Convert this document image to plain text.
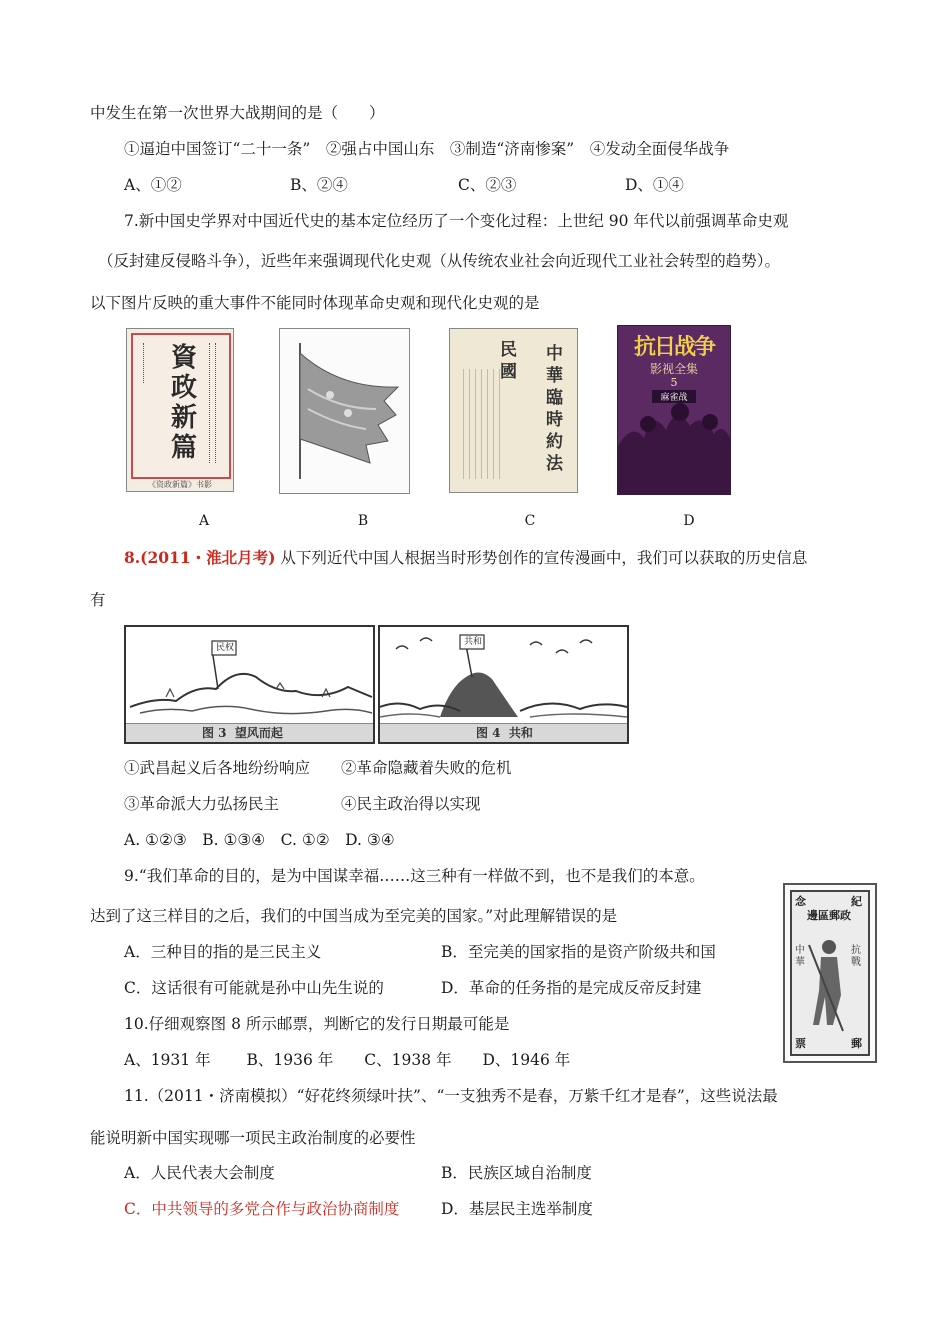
中发生在第一次世界大战期间的是（　　）
①逼迫中国签订“二十一条”　②强占中国山东　③制造“济南惨案”　④发动全面侵华战争
A、①②	B、②④	C、②③	D、①④
7.新中国史学界对中国近代史的基本定位经历了一个变化过程：上世纪 90 年代以前强调革命史观
（反封建反侵略斗争），近些年来强调现代化史观（从传统农业社会向近现代工业社会转型的趋势）。
以下图片反映的重大事件不能同时体现革命史观和现代化史观的是
資政新篇
《资政新篇》书影
民國
中華臨時約法
抗日战争
影视全集
5
麻雀战
A	B	C	D
8.(2011・淮北月考) 从下列近代中国人根据当时形势创作的宣传漫画中，我们可以获取的历史信息
有
民权
图 3  望风而起
共和
图 4  共和
①武昌起义后各地纷纷响应　　②革命隐藏着失败的危机
③革命派大力弘扬民主　　　　④民主政治得以实现
A. ①②③　B. ①③④　C. ①②　D. ③④
9.“我们革命的目的，是为中国谋幸福……这三种有一样做不到，也不是我们的本意。
达到了这三样目的之后，我们的中国当成为至完美的国家。”对此理解错误的是
A．三种目的指的是三民主义	B．至完美的国家指的是资产阶级共和国
C．这话很有可能就是孙中山先生说的	D．革命的任务指的是完成反帝反封建
念	紀
邊區郵政
抗戰
中華
票	郵
10.仔细观察图 8 所示邮票，判断它的发行日期最可能是
A、1931 年　　 B、1936 年　　C、1938 年　　D、1946 年
11.（2011・济南模拟）“好花终须绿叶扶”、“一支独秀不是春，万紫千红才是春”，这些说法最
能说明新中国实现哪一项民主政治制度的必要性
A．人民代表大会制度	B．民族区域自治制度
C．中共领导的多党合作与政治协商制度	D．基层民主选举制度
